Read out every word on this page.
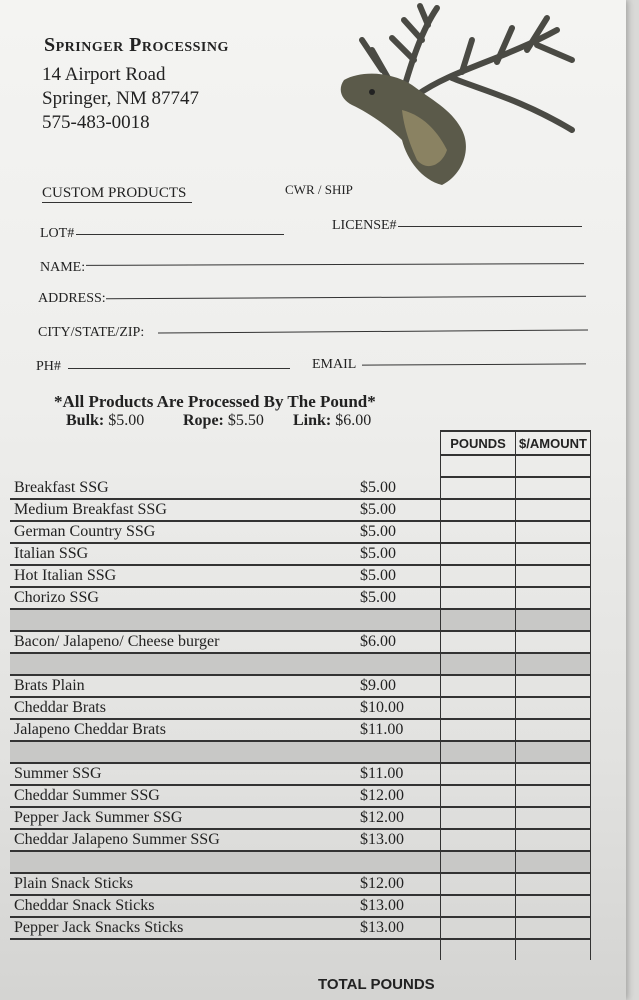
Springer Processing
14 Airport Road
Springer, NM 87747
575-483-0018
CUSTOM PRODUCTS	CWR / SHIP
LOT#
LICENSE#
NAME:
ADDRESS:
CITY/STATE/ZIP:
PH#	EMAIL
*All Products Are Processed By The Pound*
Bulk: $5.00 Rope: $5.50 Link: $6.00
		POUNDS	$/AMOUNT

Breakfast SSG	$5.00		
Medium Breakfast SSG	$5.00		
German Country SSG	$5.00		
Italian SSG	$5.00		
Hot Italian SSG	$5.00		
Chorizo SSG	$5.00		

Bacon/ Jalapeno/ Cheese burger	$6.00		

Brats Plain	$9.00		
Cheddar Brats	$10.00		
Jalapeno Cheddar Brats	$11.00		

Summer SSG	$11.00		
Cheddar Summer SSG	$12.00		
Pepper Jack Summer SSG	$12.00		
Cheddar Jalapeno Summer SSG	$13.00		

Plain Snack Sticks	$12.00		
Cheddar Snack Sticks	$13.00		
Pepper Jack Snacks Sticks	$13.00		

TOTAL POUNDS
